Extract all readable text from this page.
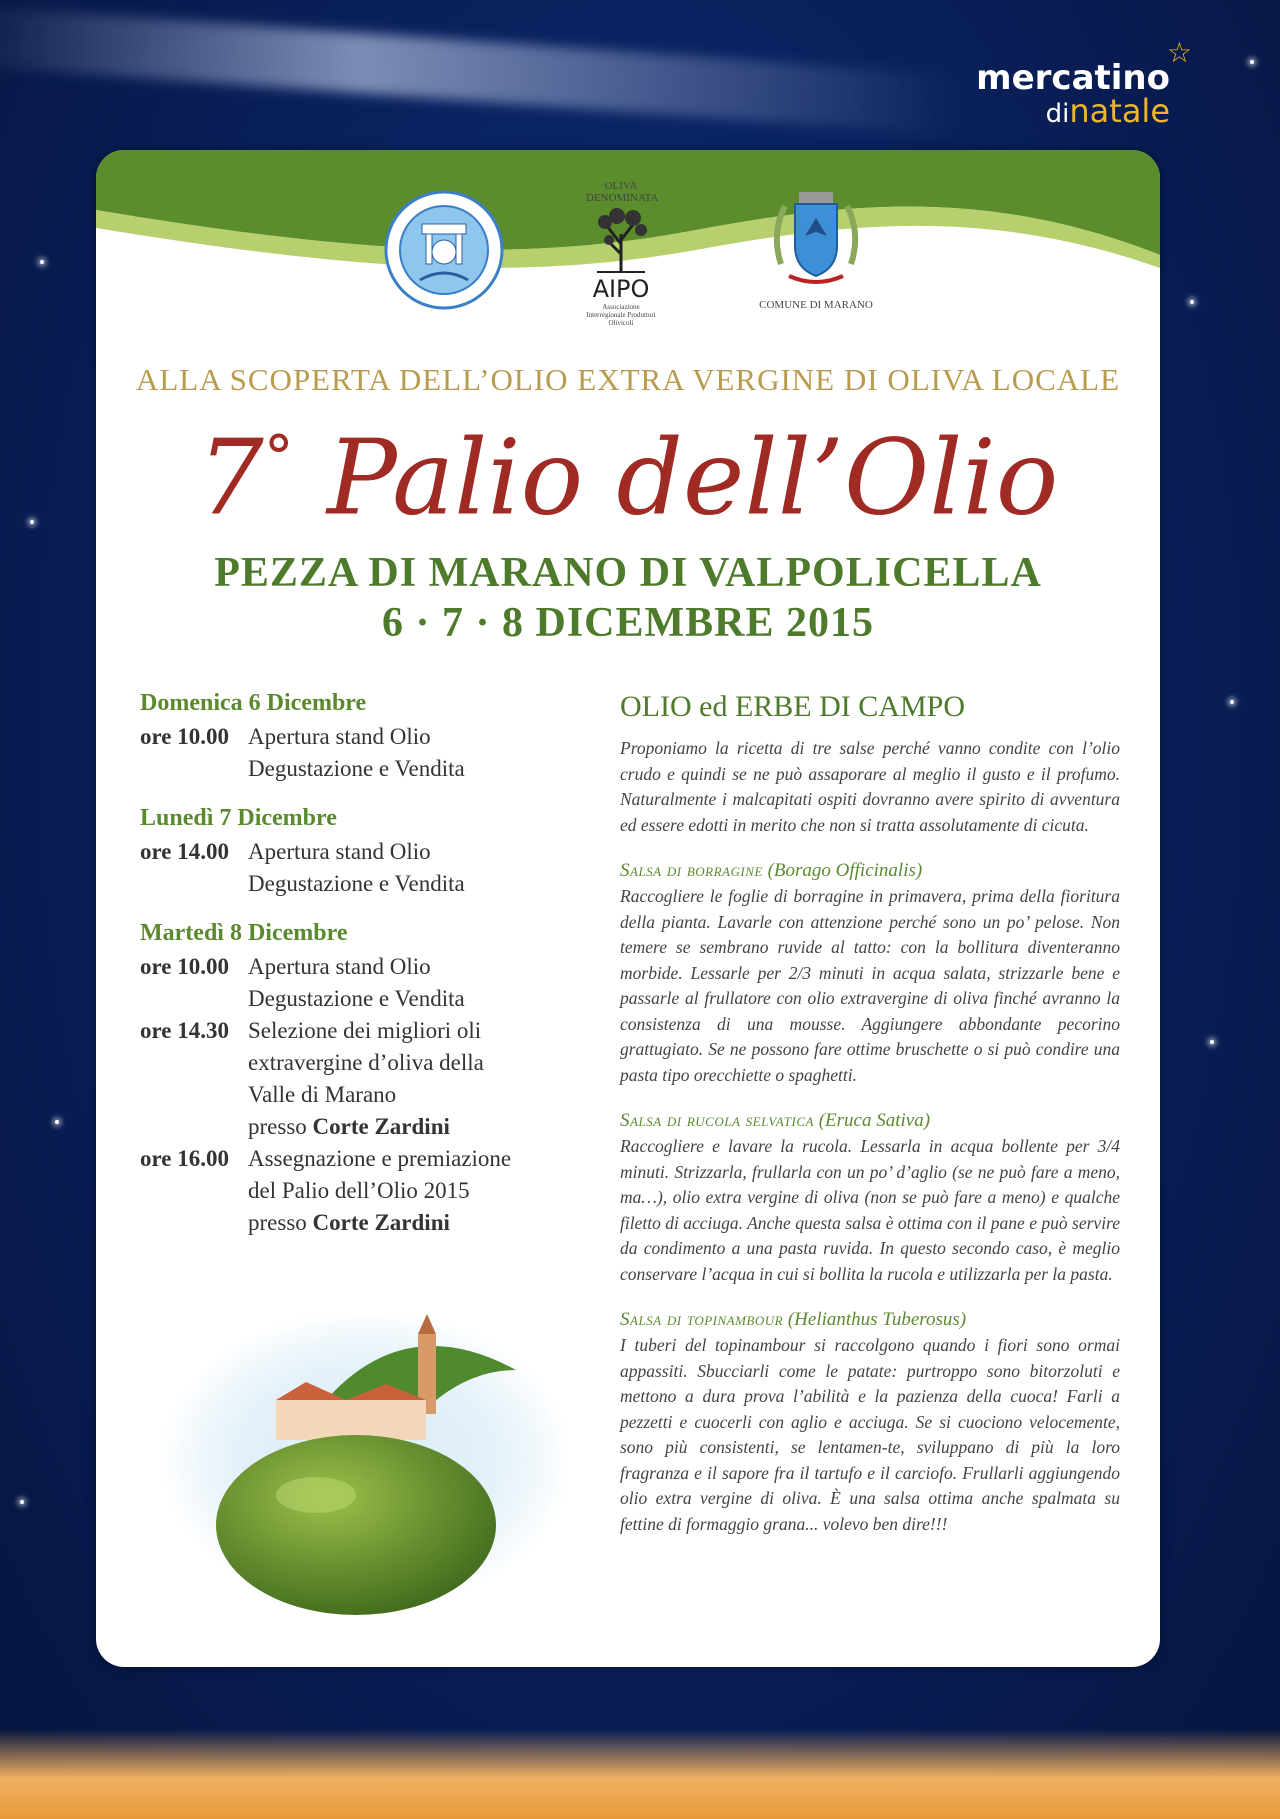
☆
mercatino
dinatale
OLIVA DENOMINATA
AIPO
Associazione Interregionale Produttori Olivicoli
COMUNE DI MARANO
ALLA SCOPERTA DELL’OLIO EXTRA VERGINE DI OLIVA LOCALE
7° Palio dell’Olio
PEZZA DI MARANO DI VALPOLICELLA
6 · 7 · 8 DICEMBRE 2015
Domenica 6 Dicembre
ore 10.00 Apertura stand Olio
Degustazione e Vendita
Lunedì 7 Dicembre
ore 14.00 Apertura stand Olio
Degustazione e Vendita
Martedì 8 Dicembre
ore 10.00 Apertura stand Olio
Degustazione e Vendita
ore 14.30 Selezione dei migliori oli
extravergine d’oliva della
Valle di Marano
presso Corte Zardini
ore 16.00 Assegnazione e premiazione
del Palio dell’Olio 2015
presso Corte Zardini
OLIO ed ERBE DI CAMPO

Proponiamo la ricetta di tre salse perché vanno condite con l’olio crudo e quindi se ne può assaporare al meglio il gusto e il profumo. Naturalmente i malcapitati ospiti dovranno avere spirito di avventura ed essere edotti in merito che non si tratta assolutamente di cicuta.

Salsa di borragine (Borago Officinalis)

Raccogliere le foglie di borragine in primavera, prima della fioritura della pianta. Lavarle con attenzione perché sono un po’ pelose. Non temere se sembrano ruvide al tatto: con la bollitura diventeranno morbide. Lessarle per 2/3 minuti in acqua salata, strizzarle bene e passarle al frullatore con olio extravergine di oliva finché avranno la consistenza di una mousse. Aggiungere abbondante pecorino grattugiato. Se ne possono fare ottime bruschette o si può condire una pasta tipo orecchiette o spaghetti.

Salsa di rucola selvatica (Eruca Sativa)

Raccogliere e lavare la rucola. Lessarla in acqua bollente per 3/4 minuti. Strizzarla, frullarla con un po’ d’aglio (se ne può fare a meno, ma…), olio extra vergine di oliva (non se può fare a meno) e qualche filetto di acciuga. Anche questa salsa è ottima con il pane e può servire da condimento a una pasta ruvida. In questo secondo caso, è meglio conservare l’acqua in cui si bollita la rucola e utilizzarla per la pasta.

Salsa di topinambour (Helianthus Tuberosus)

I tuberi del topinambour si raccolgono quando i fiori sono ormai appassiti. Sbucciarli come le patate: purtroppo sono bitorzoluti e mettono a dura prova l’abilità e la pazienza della cuoca! Farli a pezzetti e cuocerli con aglio e acciuga. Se si cuociono velocemente, sono più consistenti, se lentamen-te, sviluppano di più la loro fragranza e il sapore fra il tartufo e il carciofo. Frullarli aggiungendo olio extra vergine di oliva. È una salsa ottima anche spalmata su fettine di formaggio grana... volevo ben dire!!!
